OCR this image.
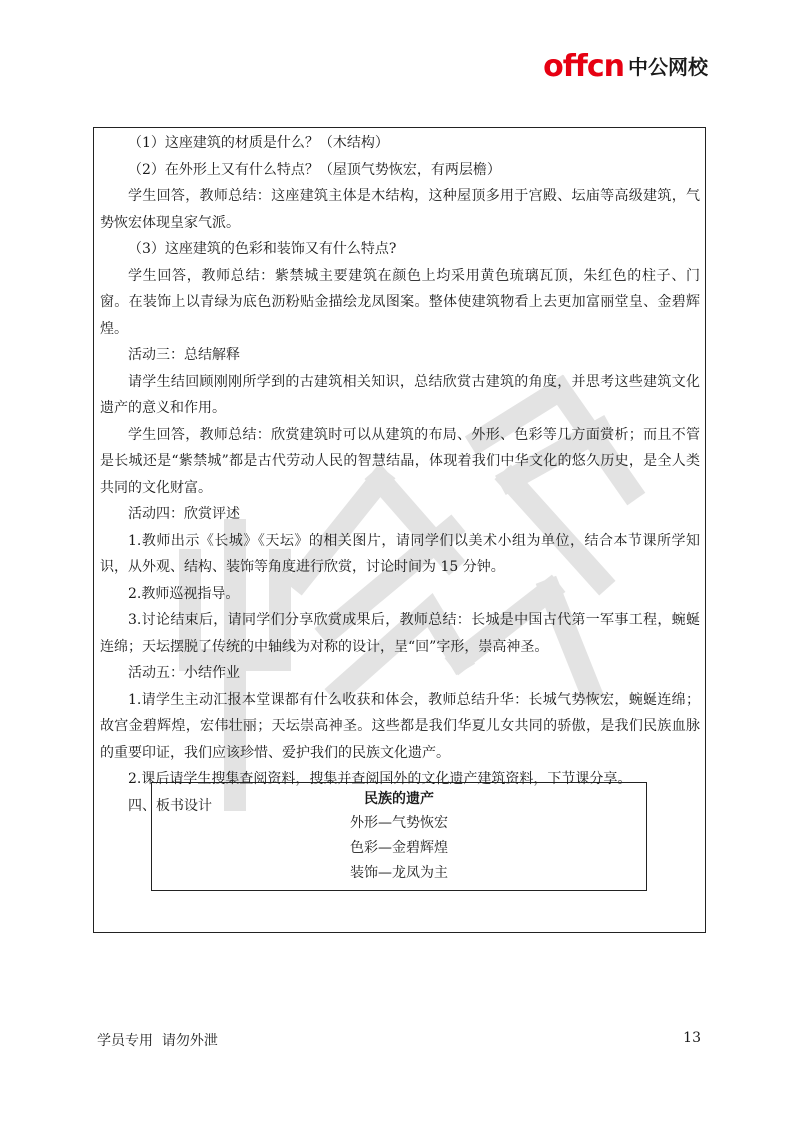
offcn 中公网校

（1）这座建筑的材质是什么？（木结构）

（2）在外形上又有什么特点？（屋顶气势恢宏，有两层檐）

学生回答，教师总结：这座建筑主体是木结构，这种屋顶多用于宫殿、坛庙等高级建筑，气势恢宏体现皇家气派。

（3）这座建筑的色彩和装饰又有什么特点?

学生回答，教师总结：紫禁城主要建筑在颜色上均采用黄色琉璃瓦顶，朱红色的柱子、门窗。在装饰上以青绿为底色沥粉贴金描绘龙凤图案。整体使建筑物看上去更加富丽堂皇、金碧辉煌。

活动三：总结解释

请学生结回顾刚刚所学到的古建筑相关知识，总结欣赏古建筑的角度，并思考这些建筑文化遗产的意义和作用。

学生回答，教师总结：欣赏建筑时可以从建筑的布局、外形、色彩等几方面赏析；而且不管是长城还是“紫禁城”都是古代劳动人民的智慧结晶，体现着我们中华文化的悠久历史，是全人类共同的文化财富。

活动四：欣赏评述

1.教师出示《长城》《天坛》的相关图片，请同学们以美术小组为单位，结合本节课所学知识，从外观、结构、装饰等角度进行欣赏，讨论时间为 15 分钟。

2.教师巡视指导。

3.讨论结束后，请同学们分享欣赏成果后，教师总结：长城是中国古代第一军事工程，蜿蜒连绵；天坛摆脱了传统的中轴线为对称的设计，呈“回”字形，崇高神圣。

活动五：小结作业

1.请学生主动汇报本堂课都有什么收获和体会，教师总结升华：长城气势恢宏，蜿蜒连绵；故宫金碧辉煌，宏伟壮丽；天坛崇高神圣。这些都是我们华夏儿女共同的骄傲，是我们民族血脉的重要印证，我们应该珍惜、爱护我们的民族文化遗产。

2.课后请学生搜集查阅资料，搜集并查阅国外的文化遗产建筑资料，下节课分享。

四、板书设计	民族的遗产
外形—气势恢宏
色彩—金碧辉煌
装饰—龙凤为主
学员专用  请勿外泄	13
